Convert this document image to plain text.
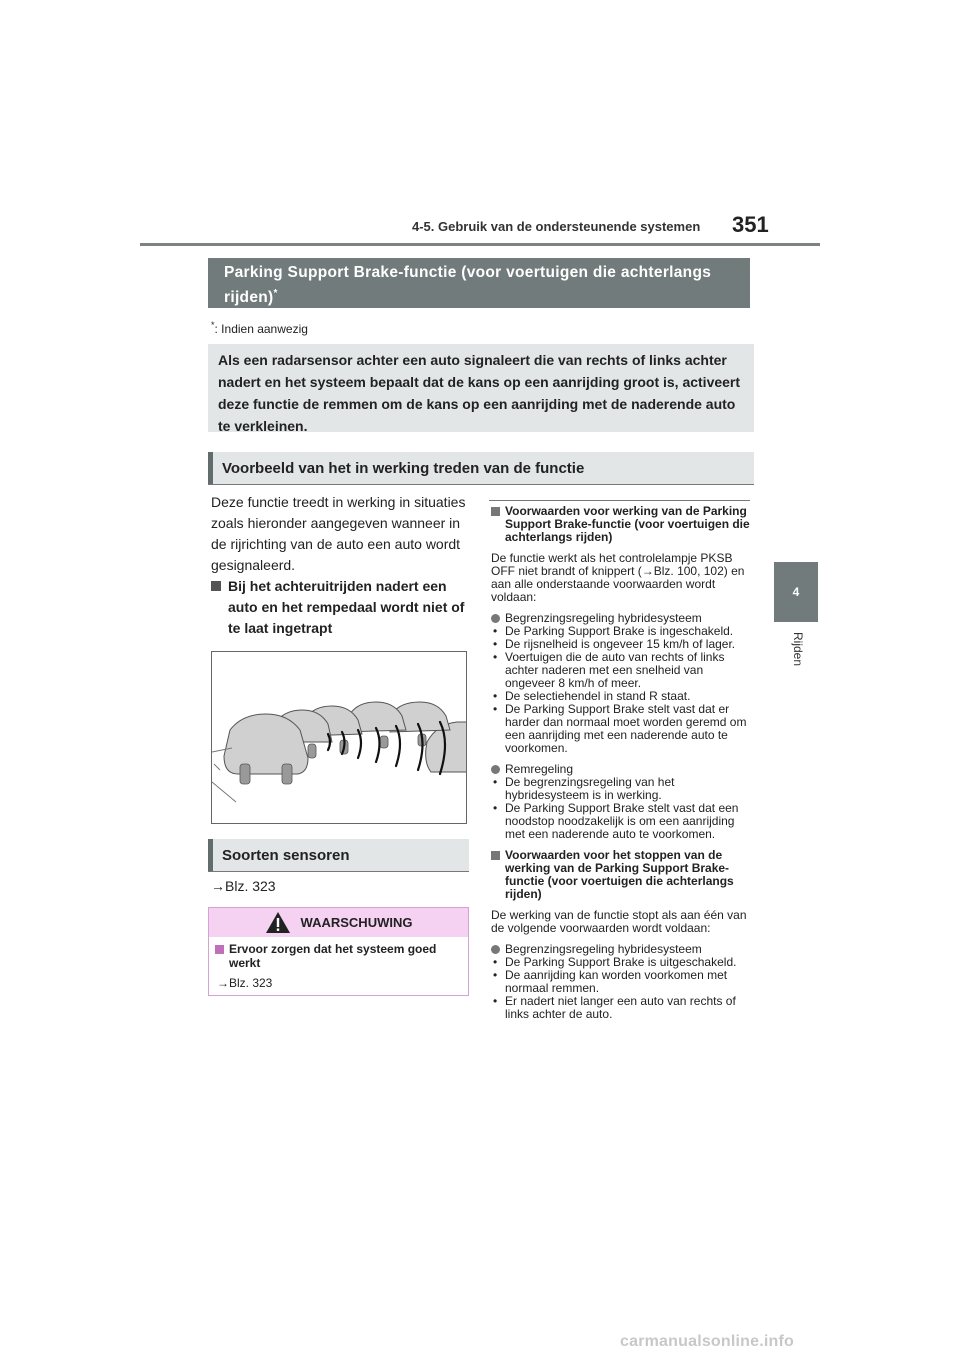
4-5. Gebruik van de ondersteunende systemen 351
4
Rijden
Parking Support Brake-functie (voor voertuigen die achterlangs rijden)*
*: Indien aanwezig
Als een radarsensor achter een auto signaleert die van rechts of links achter nadert en het systeem bepaalt dat de kans op een aanrijding groot is, activeert deze functie de remmen om de kans op een aanrijding met de naderende auto te verkleinen.
Voorbeeld van het in werking treden van de functie
Deze functie treedt in werking in situaties zoals hieronder aangegeven wanneer in de rijrichting van de auto een auto wordt gesignaleerd.
Bij het achteruitrijden nadert een auto en het rempedaal wordt niet of te laat ingetrapt
Soorten sensoren
→Blz. 323
WAARSCHUWING
Ervoor zorgen dat het systeem goed werkt
→Blz. 323
Voorwaarden voor werking van de Parking Support Brake-functie (voor voertuigen die achterlangs rijden)
De functie werkt als het controlelampje PKSB OFF niet brandt of knippert (→Blz. 100, 102) en aan alle onderstaande voorwaarden wordt voldaan:
Begrenzingsregeling hybridesysteem
• De Parking Support Brake is ingeschakeld.
• De rijsnelheid is ongeveer 15 km/h of lager.
• Voertuigen die de auto van rechts of links achter naderen met een snelheid van ongeveer 8 km/h of meer.
• De selectiehendel in stand R staat.
• De Parking Support Brake stelt vast dat er harder dan normaal moet worden geremd om een aanrijding met een naderende auto te voorkomen.
Remregeling
• De begrenzingsregeling van het hybridesysteem is in werking.
• De Parking Support Brake stelt vast dat een noodstop noodzakelijk is om een aanrijding met een naderende auto te voorkomen.
Voorwaarden voor het stoppen van de werking van de Parking Support Brake-functie (voor voertuigen die achterlangs rijden)
De werking van de functie stopt als aan één van de volgende voorwaarden wordt voldaan:
Begrenzingsregeling hybridesysteem
• De Parking Support Brake is uitgeschakeld.
• De aanrijding kan worden voorkomen met normaal remmen.
• Er nadert niet langer een auto van rechts of links achter de auto.
carmanualsonline.info
